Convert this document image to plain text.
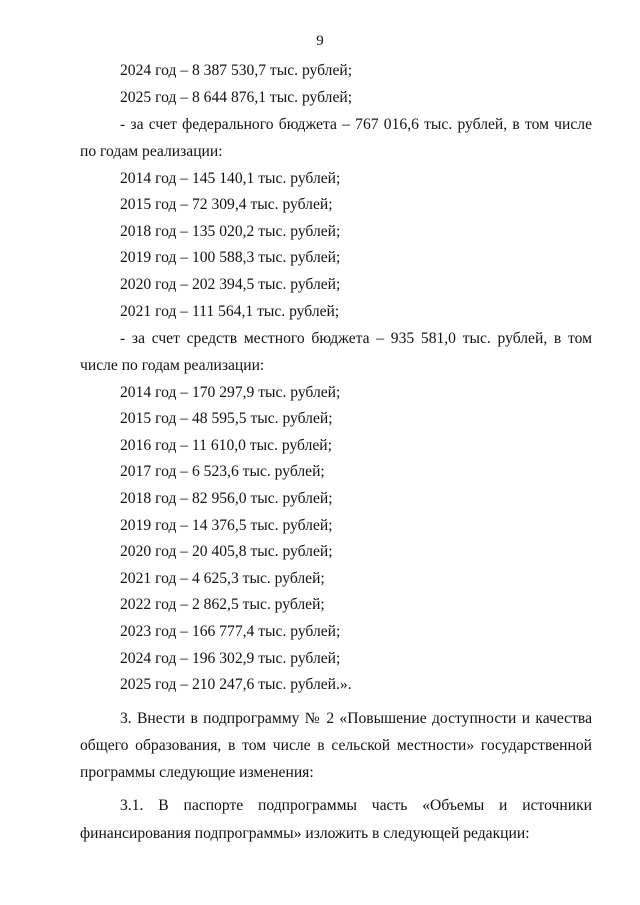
9
2024 год – 8 387 530,7 тыс. рублей;
2025 год – 8 644 876,1 тыс. рублей;

- за счет федерального бюджета – 767 016,6 тыс. рублей, в том числе по годам реализации:

2014 год – 145 140,1 тыс. рублей;
2015 год – 72 309,4 тыс. рублей;
2018 год – 135 020,2 тыс. рублей;
2019 год – 100 588,3 тыс. рублей;
2020 год – 202 394,5 тыс. рублей;
2021 год – 111 564,1 тыс. рублей;

- за счет средств местного бюджета – 935 581,0 тыс. рублей, в том числе по годам реализации:

2014 год – 170 297,9 тыс. рублей;
2015 год – 48 595,5 тыс. рублей;
2016 год – 11 610,0 тыс. рублей;
2017 год – 6 523,6 тыс. рублей;
2018 год – 82 956,0 тыс. рублей;
2019 год – 14 376,5 тыс. рублей;
2020 год – 20 405,8 тыс. рублей;
2021 год – 4 625,3 тыс. рублей;
2022 год – 2 862,5 тыс. рублей;
2023 год – 166 777,4 тыс. рублей;
2024 год – 196 302,9 тыс. рублей;
2025 год – 210 247,6 тыс. рублей.».

3. Внести в подпрограмму № 2 «Повышение доступности и качества общего образования, в том числе в сельской местности» государственной программы следующие изменения:

3.1. В паспорте подпрограммы часть «Объемы и источники финансирования подпрограммы» изложить в следующей редакции:
